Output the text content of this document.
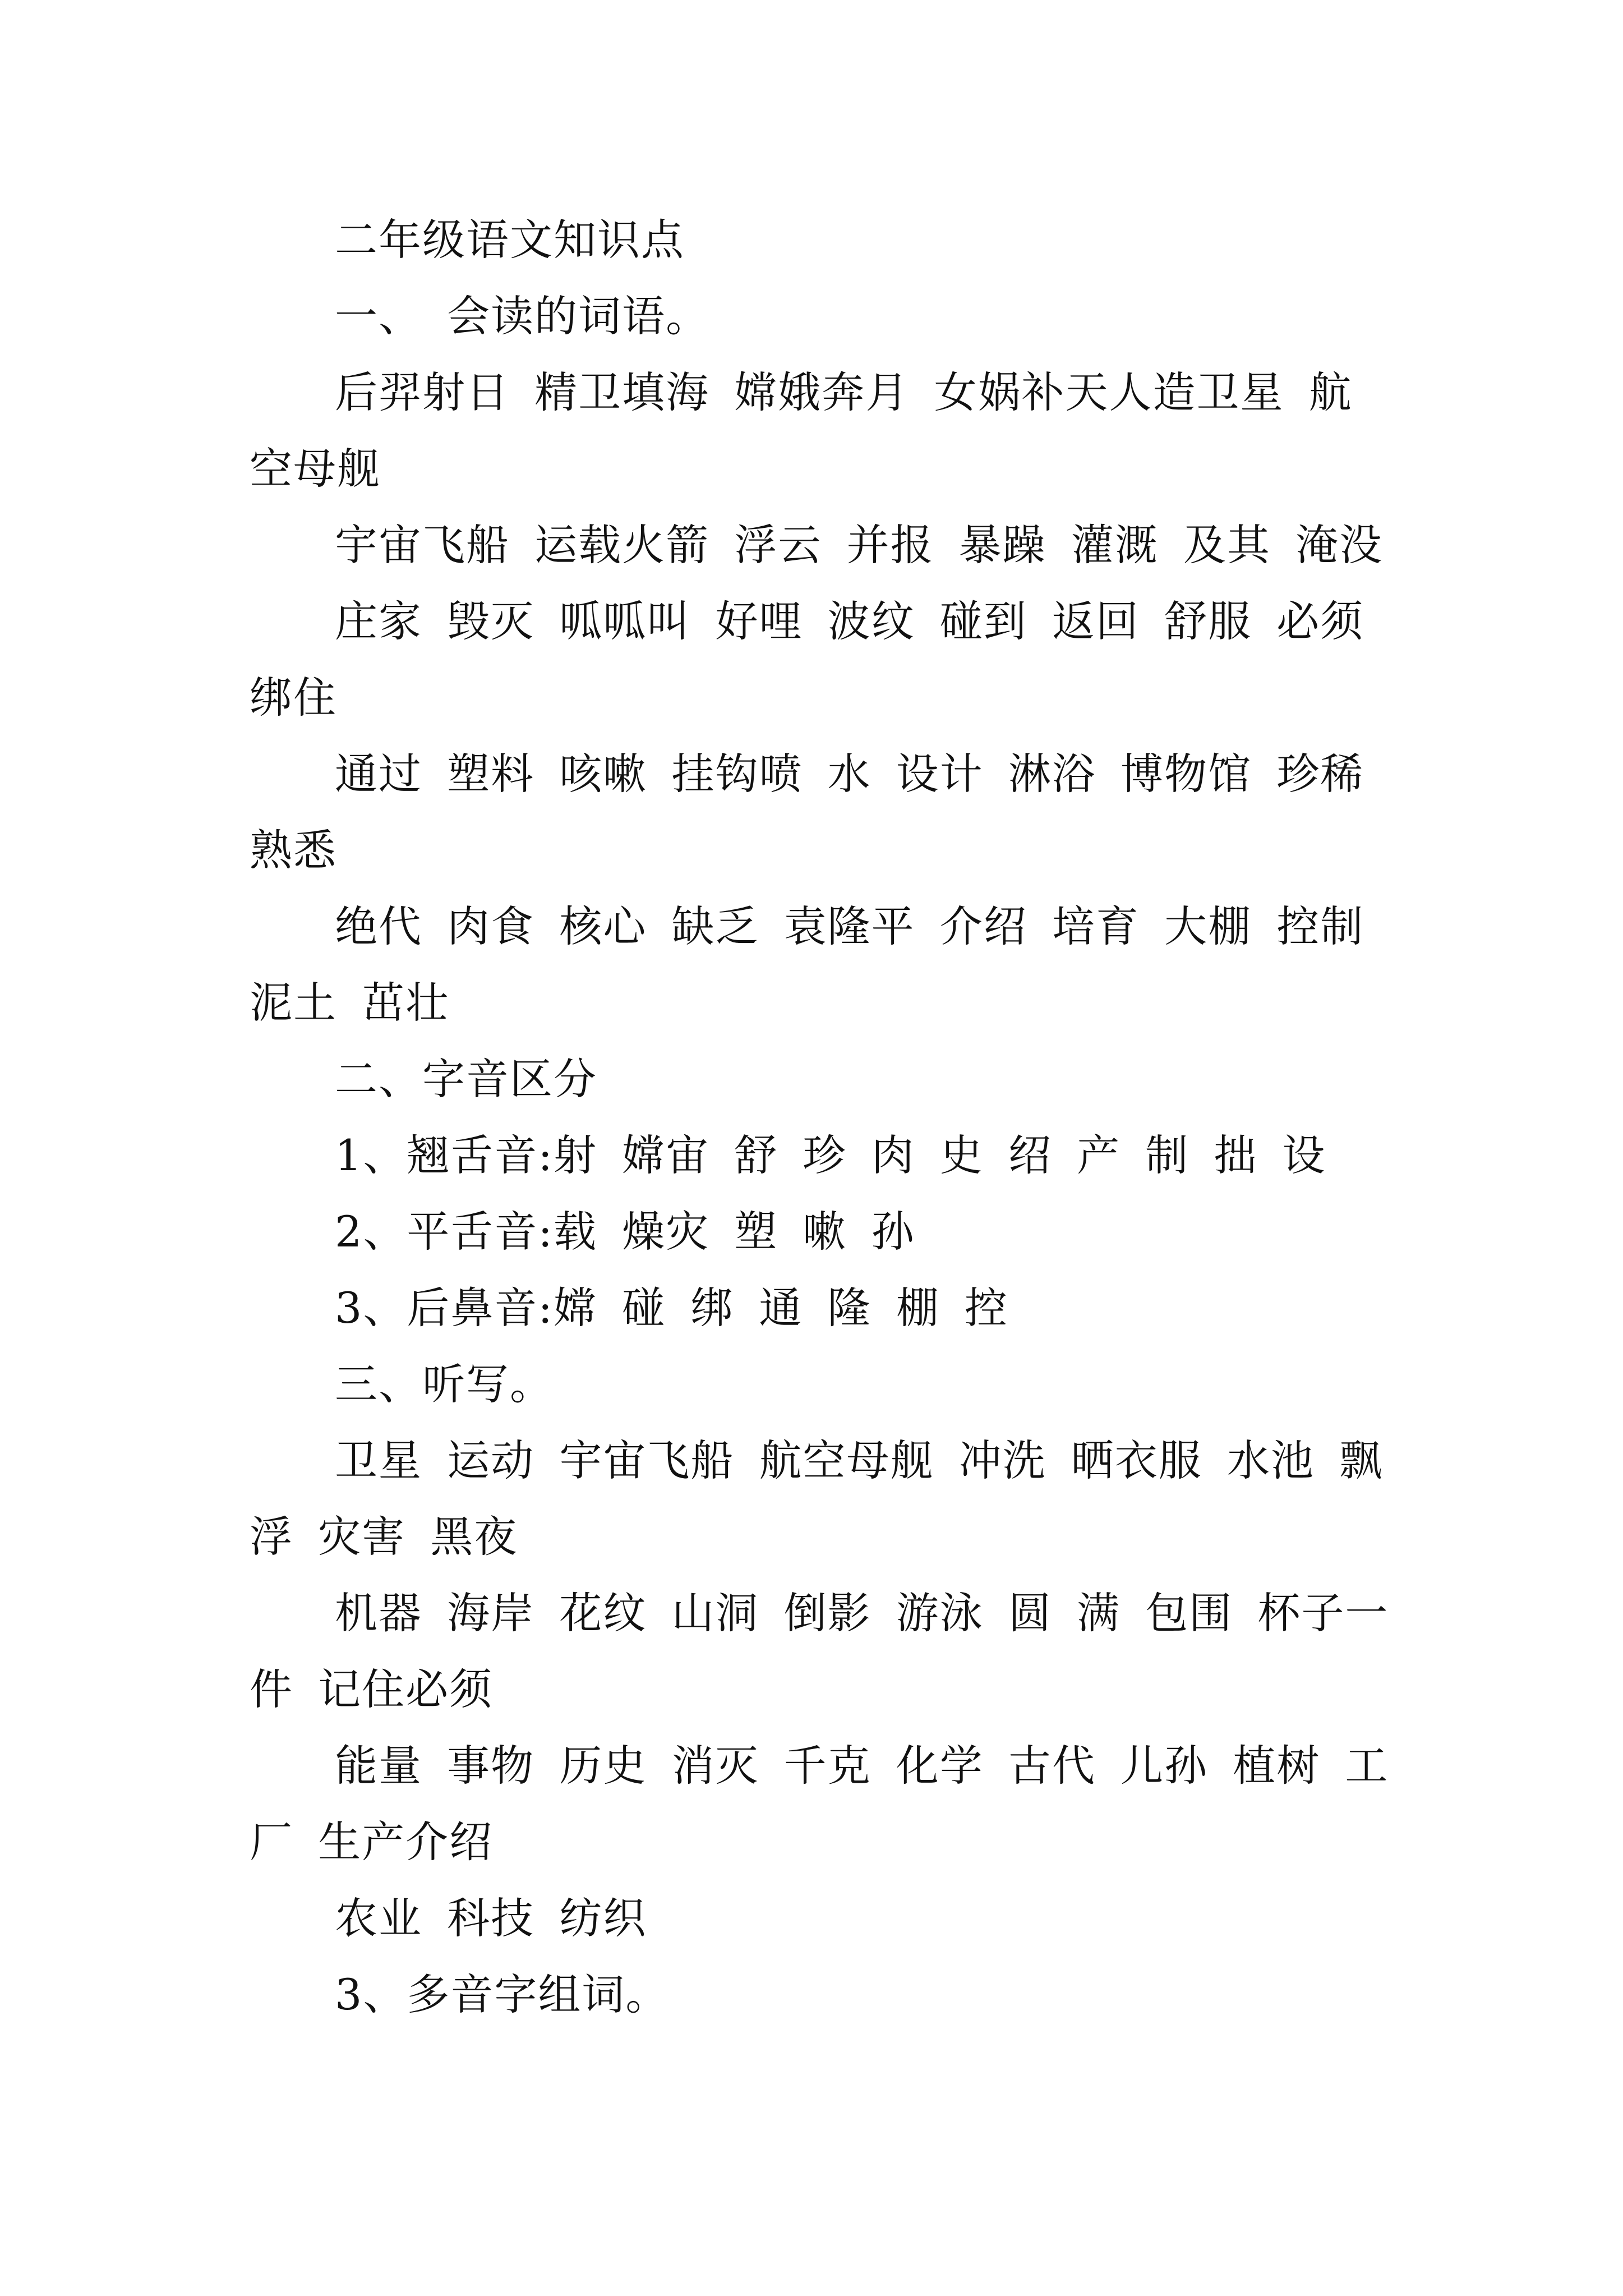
二年级语文知识点

一、 会读的词语。

后羿射日 精卫填海 嫦娥奔月 女娲补天人造卫星 航空母舰

宇宙飞船 运载火箭 浮云 并报 暴躁 灌溉 及其 淹没

庄家 毁灭 呱呱叫 好哩 波纹 碰到 返回 舒服 必须绑住

通过 塑料 咳嗽 挂钩喷 水 设计 淋浴 博物馆 珍稀熟悉

绝代 肉食 核心 缺乏 袁隆平 介绍 培育 大棚 控制泥土 茁壮

二、字音区分

1、翘舌音:射 嫦宙 舒 珍 肉 史 绍 产 制 拙 设

2、平舌音:载 燥灾 塑 嗽 孙

3、后鼻音:嫦 碰 绑 通 隆 棚 控

三、听写。

卫星 运动 宇宙飞船 航空母舰 冲洗 晒衣服 水池 飘浮 灾害 黑夜

机器 海岸 花纹 山洞 倒影 游泳 圆 满 包围 杯子一件 记住必须

能量 事物 历史 消灭 千克 化学 古代 儿孙 植树 工厂 生产介绍

农业 科技 纺织

3、多音字组词。
